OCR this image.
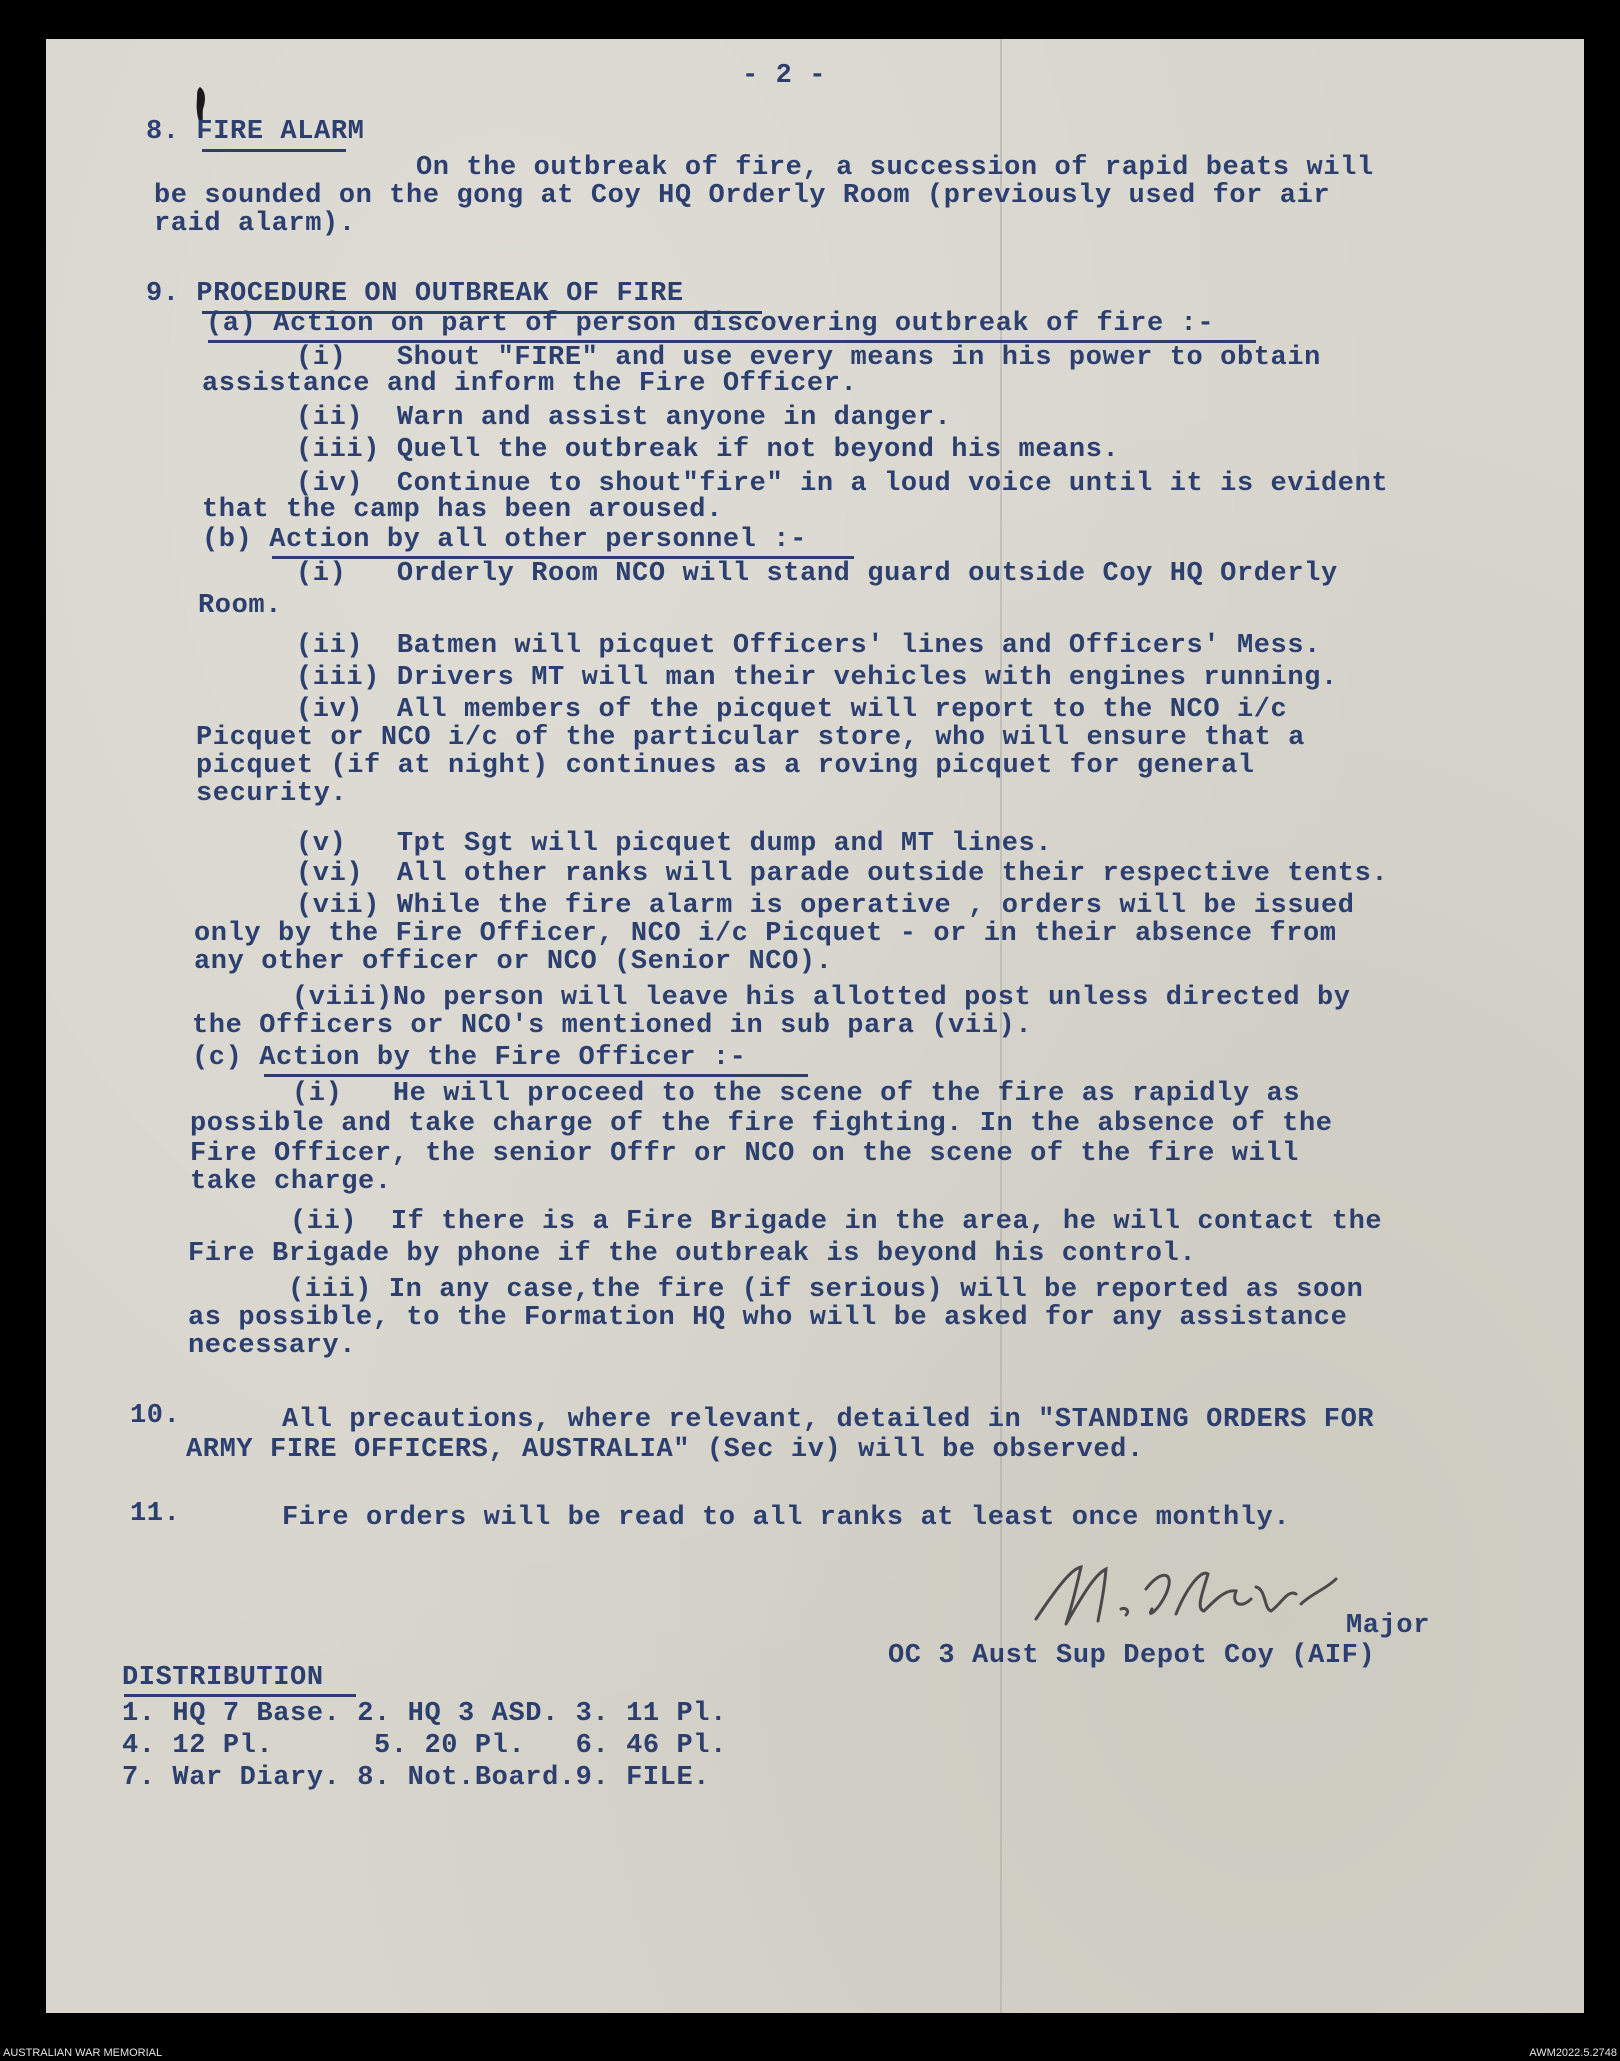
- 2 -
8. FIRE ALARM
On the outbreak of fire, a succession of rapid beats will
be sounded on the gong at Coy HQ Orderly Room (previously used for air
raid alarm).
9. PROCEDURE ON OUTBREAK OF FIRE
(a) Action on part of person discovering outbreak of fire :-
(i)   Shout "FIRE" and use every means in his power to obtain
assistance and inform the Fire Officer.
(ii)  Warn and assist anyone in danger.
(iii) Quell the outbreak if not beyond his means.
(iv)  Continue to shout"fire" in a loud voice until it is evident
that the camp has been aroused.
(b) Action by all other personnel :-
(i)   Orderly Room NCO will stand guard outside Coy HQ Orderly
Room.
(ii)  Batmen will picquet Officers' lines and Officers' Mess.
(iii) Drivers MT will man their vehicles with engines running.
(iv)  All members of the picquet will report to the NCO i/c
Picquet or NCO i/c of the particular store, who will ensure that a
picquet (if at night) continues as a roving picquet for general
security.
(v)   Tpt Sgt will picquet dump and MT lines.
(vi)  All other ranks will parade outside their respective tents.
(vii) While the fire alarm is operative , orders will be issued
only by the Fire Officer, NCO i/c Picquet - or in their absence from
any other officer or NCO (Senior NCO).
(viii)No person will leave his allotted post unless directed by
the Officers or NCO's mentioned in sub para (vii).
(c) Action by the Fire Officer :-
(i)   He will proceed to the scene of the fire as rapidly as
possible and take charge of the fire fighting. In the absence of the
Fire Officer, the senior Offr or NCO on the scene of the fire will
take charge.
(ii)  If there is a Fire Brigade in the area, he will contact the
Fire Brigade by phone if the outbreak is beyond his control.
(iii) In any case,the fire (if serious) will be reported as soon
as possible, to the Formation HQ who will be asked for any assistance
necessary.
10.	All precautions, where relevant, detailed in "STANDING ORDERS FOR
ARMY FIRE OFFICERS, AUSTRALIA" (Sec iv) will be observed.
11.	Fire orders will be read to all ranks at least once monthly.
Major
OC 3 Aust Sup Depot Coy (AIF)
DISTRIBUTION
1. HQ 7 Base. 2. HQ 3 ASD. 3. 11 Pl.
4. 12 Pl.      5. 20 Pl.   6. 46 Pl.
7. War Diary. 8. Not.Board.9. FILE.
AUSTRALIAN WAR MEMORIAL	AWM2022.5.2748
